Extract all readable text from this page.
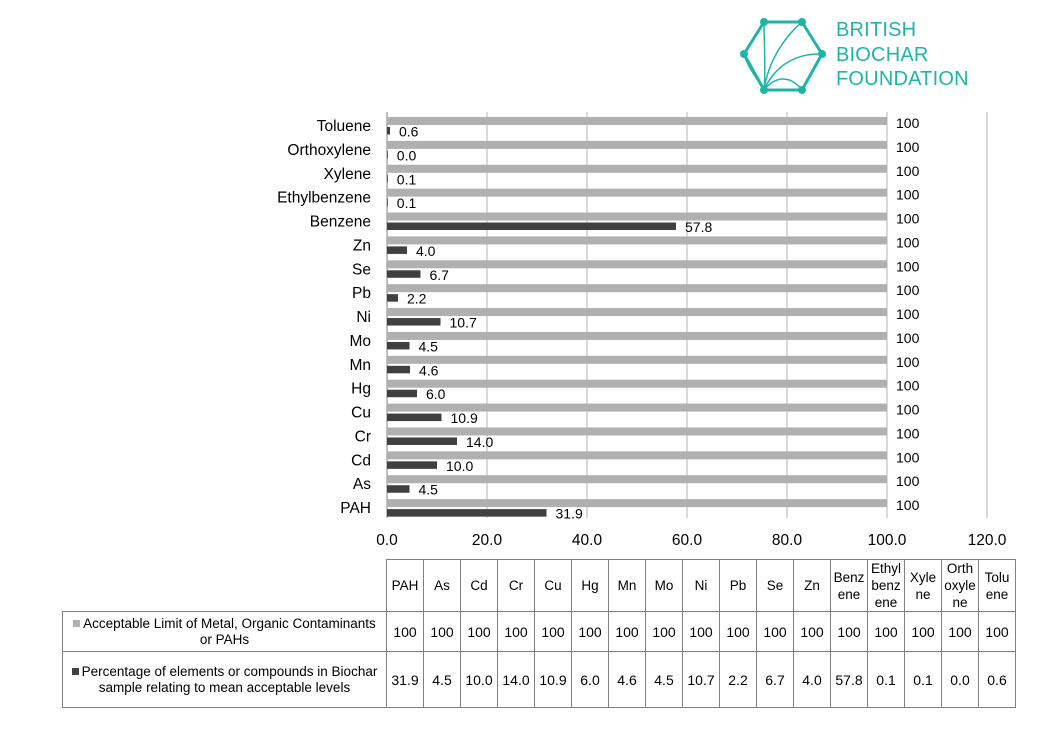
BRITISH
BIOCHAR
FOUNDATION
Toluene
Orthoxylene
Xylene
Ethylbenzene
Benzene
Zn
Se
Pb
Ni
Mo
Mn
Hg
Cu
Cr
Cd
As
PAH
100
0.6
100
0.0
100
0.1
100
0.1
100
57.8
100
4.0
100
6.7
100
2.2
100
10.7
100
4.5
100
4.6
100
6.0
100
10.9
100
14.0
100
10.0
100
4.5
100
31.9
0.0	20.0	40.0	60.0	80.0	100.0	120.0
	PAH	As	Cd	Cr	Cu	Hg	Mn	Mo	Ni	Pb	Se	Zn	Benz ene	Ethyl benz ene	Xyle ne	Orth oxyle ne	Tolu ene
Acceptable Limit of Metal, Organic Contaminants or PAHs	100	100	100	100	100	100	100	100	100	100	100	100	100	100	100	100	100
Percentage of elements or compounds in Biochar sample relating to mean acceptable levels	31.9	4.5	10.0	14.0	10.9	6.0	4.6	4.5	10.7	2.2	6.7	4.0	57.8	0.1	0.1	0.0	0.6
